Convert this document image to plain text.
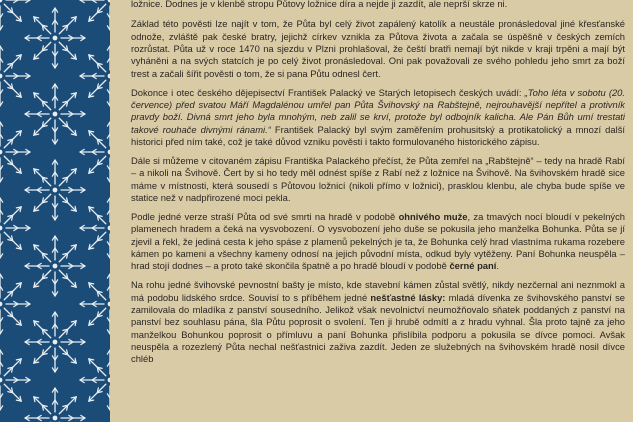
ložnice. Dodnes je v klenbě stropu Půtovy ložnice díra a nejde ji zazdít, ale neprší skrze ni.

Základ této pověsti lze najít v tom, že Půta byl celý život zapálený katolík a neustále pronásledoval jiné křesťanské odnože, zvláště pak české bratry, jejichž církev vznikla za Půtova života a začala se úspěšně v českých zemích rozrůstat. Půta už v roce 1470 na sjezdu v Plzni prohlašoval, že čeští bratři nemají být nikde v kraji trpěni a mají být vyháněni a na svých statcích je po celý život pronásledoval. Oni pak považovali ze svého pohledu jeho smrt za boží trest a začali šířit pověsti o tom, že si pana Půtu odnesl čert.

Dokonce i otec českého dějepisectví František Palacký ve Starých letopisech českých uvádí: „Toho léta v sobotu (20. července) před svatou Máří Magdalénou umřel pan Půta Švihovský na Rabštejně, nejrouhavější nepřítel a protivník pravdy boží. Divná smrt jeho byla mnohým, neb zalil se krví, protože byl odbojník kalicha. Ale Pán Bůh umí trestati takové rouhače divnými ránami.“ František Palacký byl svým zaměřením prohusitský a protikatolický a mnozí další historici před ním také, což je také důvod vzniku pověsti i takto formulovaného historického zápisu.

Dále si můžeme v citovaném zápisu Františka Palackého přečíst, že Půta zemřel na „Rabštejně“ – tedy na hradě Rabí – a nikoli na Švihově. Čert by si ho tedy měl odnést spíše z Rabí než z ložnice na Švihově. Na švihovském hradě sice máme v místnosti, která sousedí s Půtovou ložnicí (nikoli přímo v ložnici), prasklou klenbu, ale chyba bude spíše ve statice než v nadpřirozené moci pekla.

Podle jedné verze straší Půta od své smrti na hradě v podobě ohnivého muže, za tmavých nocí bloudí v pekelných plamenech hradem a čeká na vysvobození. O vysvobození jeho duše se pokusila jeho manželka Bohunka. Půta se jí zjevil a řekl, že jediná cesta k jeho spáse z plamenů pekelných je ta, že Bohunka celý hrad vlastníma rukama rozebere kámen po kameni a všechny kameny odnosí na jejich původní místa, odkud byly vytěženy. Paní Bohunka neuspěla – hrad stojí dodnes – a proto také skončila špatně a po hradě bloudí v podobě černé paní.

Na rohu jedné švihovské pevnostní bašty je místo, kde stavební kámen zůstal světlý, nikdy nezčernal ani neznmokl a má podobu lidského srdce. Souvisí to s příběhem jedné nešťastné lásky: mladá dívenka ze švihovského panství se zamilovala do mladíka z panství sousedního. Jelikož však nevolnictví neumožňovalo sňatek poddaných z panství na panství bez souhlasu pána, šla Půtu poprosit o svolení. Ten ji hrubě odmítl a z hradu vyhnal. Šla proto tajně za jeho manželkou Bohunkou poprosit o přímluvu a paní Bohunka přislíbila podporu a pokusila se dívce pomoci. Avšak neuspěla a rozezlený Půta nechal nešťastnici zaživa zazdít. Jeden ze služebných na švihovském hradě nosil dívce chléb
